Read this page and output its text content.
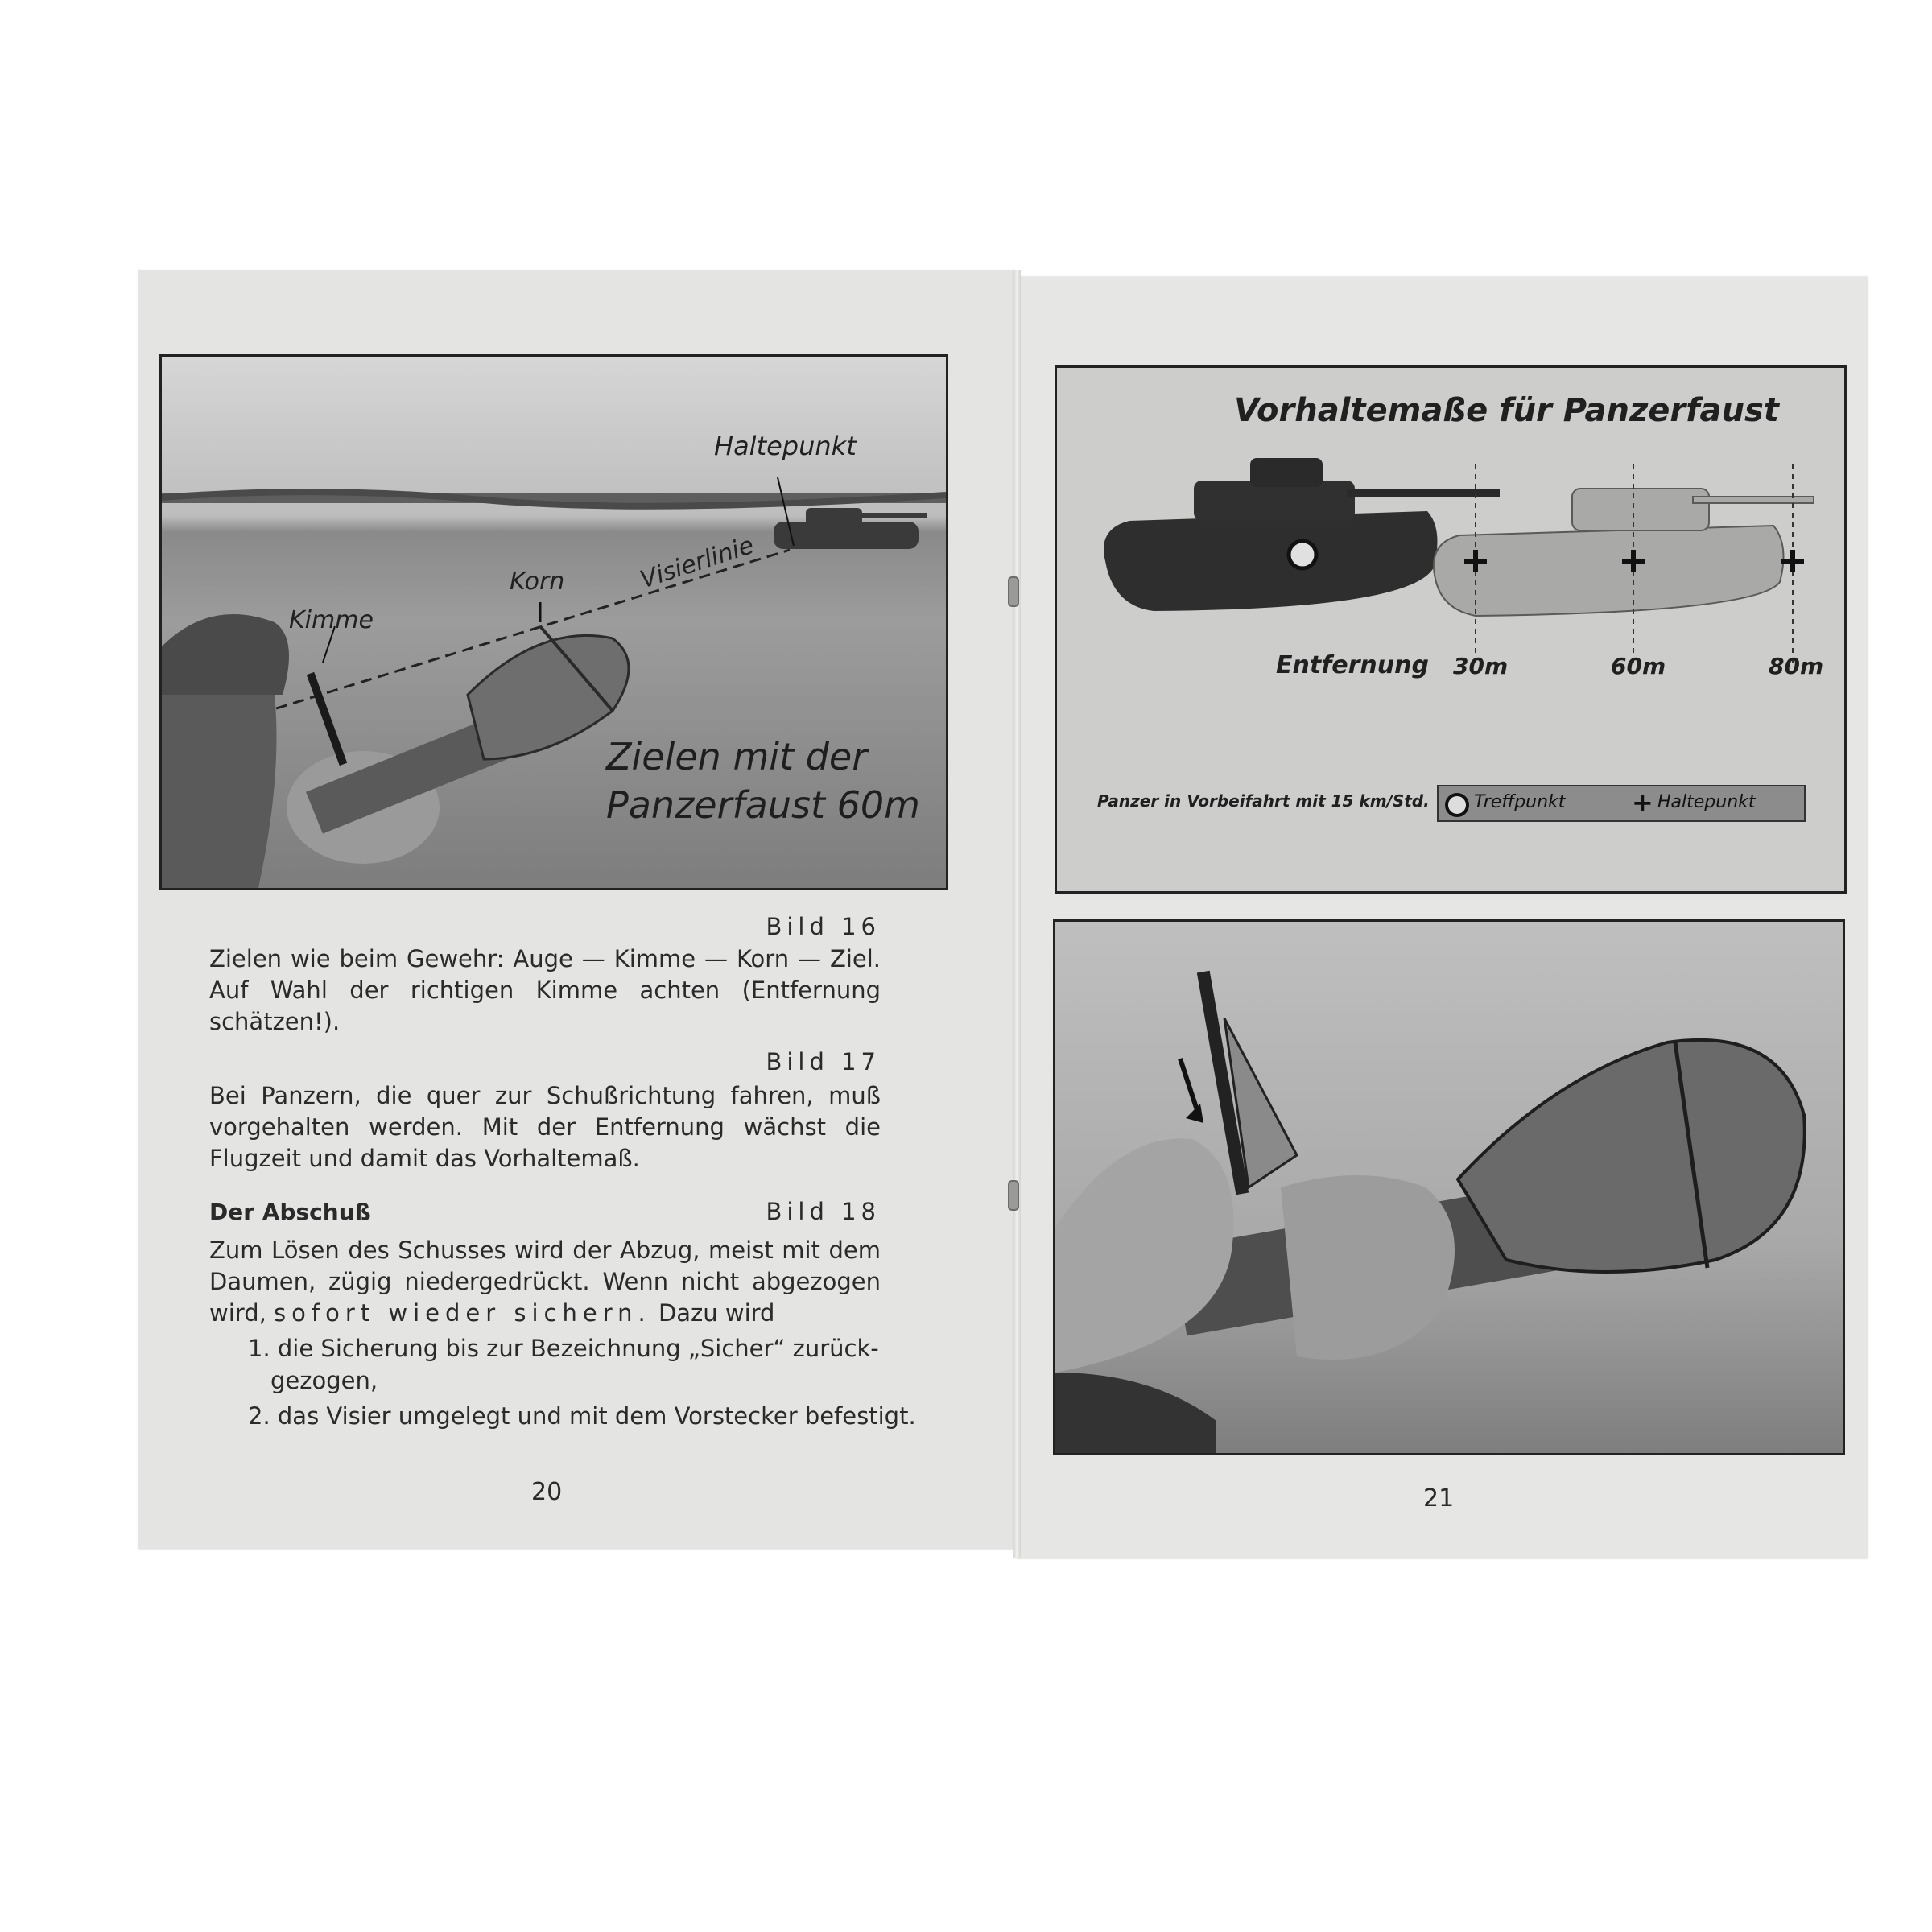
Haltepunkt
Korn	Visierlinie
Kimme
Zielen mit der
Panzerfaust 60m
Bild 16
Zielen wie beim Gewehr: Auge — Kimme — Korn — Ziel. Auf Wahl der richtigen Kimme achten (Entfernung schätzen!).
Bild 17
Bei Panzern, die quer zur Schußrichtung fahren, muß vorgehalten werden. Mit der Entfernung wächst die Flugzeit und damit das Vorhaltemaß.
Der Abschuß	Bild 18
Zum Lösen des Schusses wird der Abzug, meist mit dem Daumen, zügig niedergedrückt. Wenn nicht abgezogen wird, sofort wieder sichern. Dazu wird
1. die Sicherung bis zur Bezeichnung „Sicher“ zurück-
gezogen,
2. das Visier umgelegt und mit dem Vorstecker befestigt.
20
Vorhaltemaße für Panzerfaust
Entfernung 30m	60m	80m
Panzer in Vorbeifahrt mit 15 km/Std.	Treffpunkt	+ Haltepunkt
21
